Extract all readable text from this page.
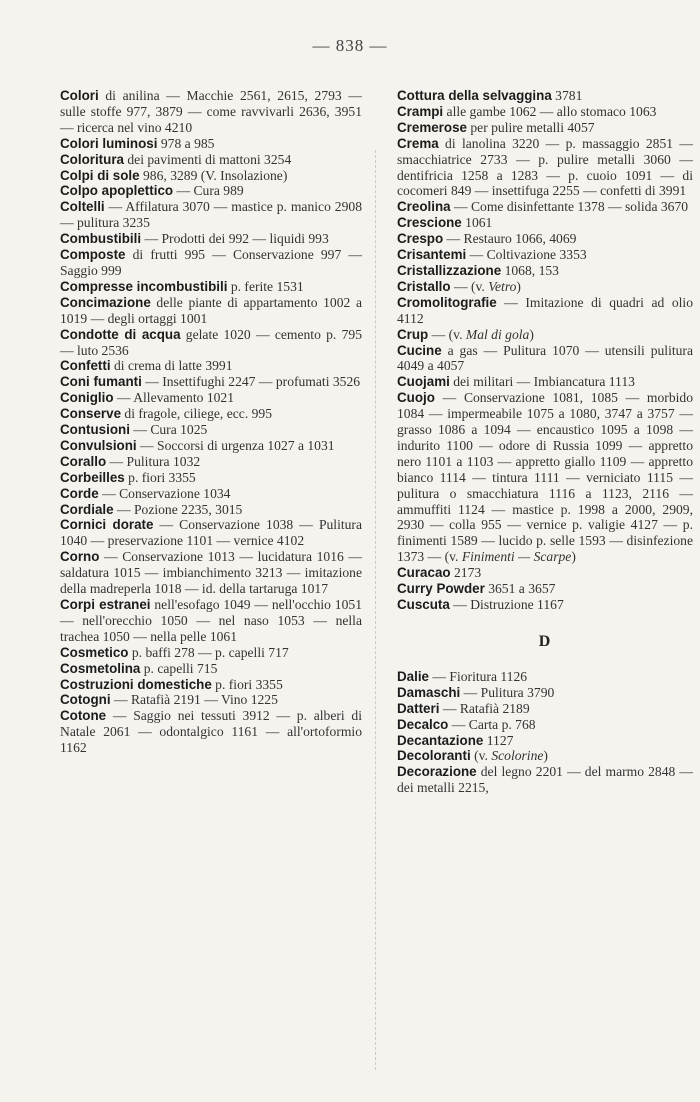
— 838 —

Colori di anilina — Macchie 2561, 2615, 2793 — sulle stoffe 977, 3879 — come ravvivarli 2636, 3951 — ricerca nel vino 4210

Colori luminosi 978 a 985

Coloritura dei pavimenti di mattoni 3254

Colpi di sole 986, 3289 (V. Insolazione)

Colpo apoplettico — Cura 989

Coltelli — Affilatura 3070 — mastice p. manico 2908 — pulitura 3235

Combustibili — Prodotti dei 992 — liquidi 993

Composte di frutti 995 — Conservazione 997 — Saggio 999

Compresse incombustibili p. ferite 1531

Concimazione delle piante di appartamento 1002 a 1019 — degli ortaggi 1001

Condotte di acqua gelate 1020 — cemento p. 795 — luto 2536

Confetti di crema di latte 3991

Coni fumanti — Insettifughi 2247 — profumati 3526

Coniglio — Allevamento 1021

Conserve di fragole, ciliege, ecc. 995

Contusioni — Cura 1025

Convulsioni — Soccorsi di urgenza 1027 a 1031

Corallo — Pulitura 1032

Corbeilles p. fiori 3355

Corde — Conservazione 1034

Cordiale — Pozione 2235, 3015

Cornici dorate — Conservazione 1038 — Pulitura 1040 — preservazione 1101 — vernice 4102

Corno — Conservazione 1013 — lucidatura 1016 — saldatura 1015 — imbianchimento 3213 — imitazione della madreperla 1018 — id. della tartaruga 1017

Corpi estranei nell'esofago 1049 — nell'occhio 1051 — nell'orecchio 1050 — nel naso 1053 — nella trachea 1050 — nella pelle 1061

Cosmetico p. baffi 278 — p. capelli 717

Cosmetolina p. capelli 715

Costruzioni domestiche p. fiori 3355

Cotogni — Ratafià 2191 — Vino 1225

Cotone — Saggio nei tessuti 3912 — p. alberi di Natale 2061 — odontalgico 1161 — all'ortoformio 1162

Cottura della selvaggina 3781

Crampi alle gambe 1062 — allo stomaco 1063

Cremerose per pulire metalli 4057

Crema di lanolina 3220 — p. massaggio 2851 — smacchiatrice 2733 — p. pulire metalli 3060 — dentifricia 1258 a 1283 — p. cuoio 1091 — di cocomeri 849 — insettifuga 2255 — confetti di 3991

Creolina — Come disinfettante 1378 — solida 3670

Crescione 1061

Crespo — Restauro 1066, 4069

Crisantemi — Coltivazione 3353

Cristallizzazione 1068, 153

Cristallo — (v. Vetro)

Cromolitografie — Imitazione di quadri ad olio 4112

Crup — (v. Mal di gola)

Cucine a gas — Pulitura 1070 — utensili pulitura 4049 a 4057

Cuojami dei militari — Imbiancatura 1113

Cuojo — Conservazione 1081, 1085 — morbido 1084 — impermeabile 1075 a 1080, 3747 a 3757 — grasso 1086 a 1094 — encaustico 1095 a 1098 — indurito 1100 — odore di Russia 1099 — appretto nero 1101 a 1103 — appretto giallo 1109 — appretto bianco 1114 — tintura 1111 — verniciato 1115 — pulitura o smacchiatura 1116 a 1123, 2116 — ammuffiti 1124 — mastice p. 1998 a 2000, 2909, 2930 — colla 955 — vernice p. valigie 4127 — p. finimenti 1589 — lucido p. selle 1593 — disinfezione 1373 — (v. Finimenti — Scarpe)

Curacao 2173

Curry Powder 3651 a 3657

Cuscuta — Distruzione 1167

D

Dalie — Fioritura 1126

Damaschi — Pulitura 3790

Datteri — Ratafià 2189

Decalco — Carta p. 768

Decantazione 1127

Decoloranti (v. Scolorine)

Decorazione del legno 2201 — del marmo 2848 — dei metalli 2215,
